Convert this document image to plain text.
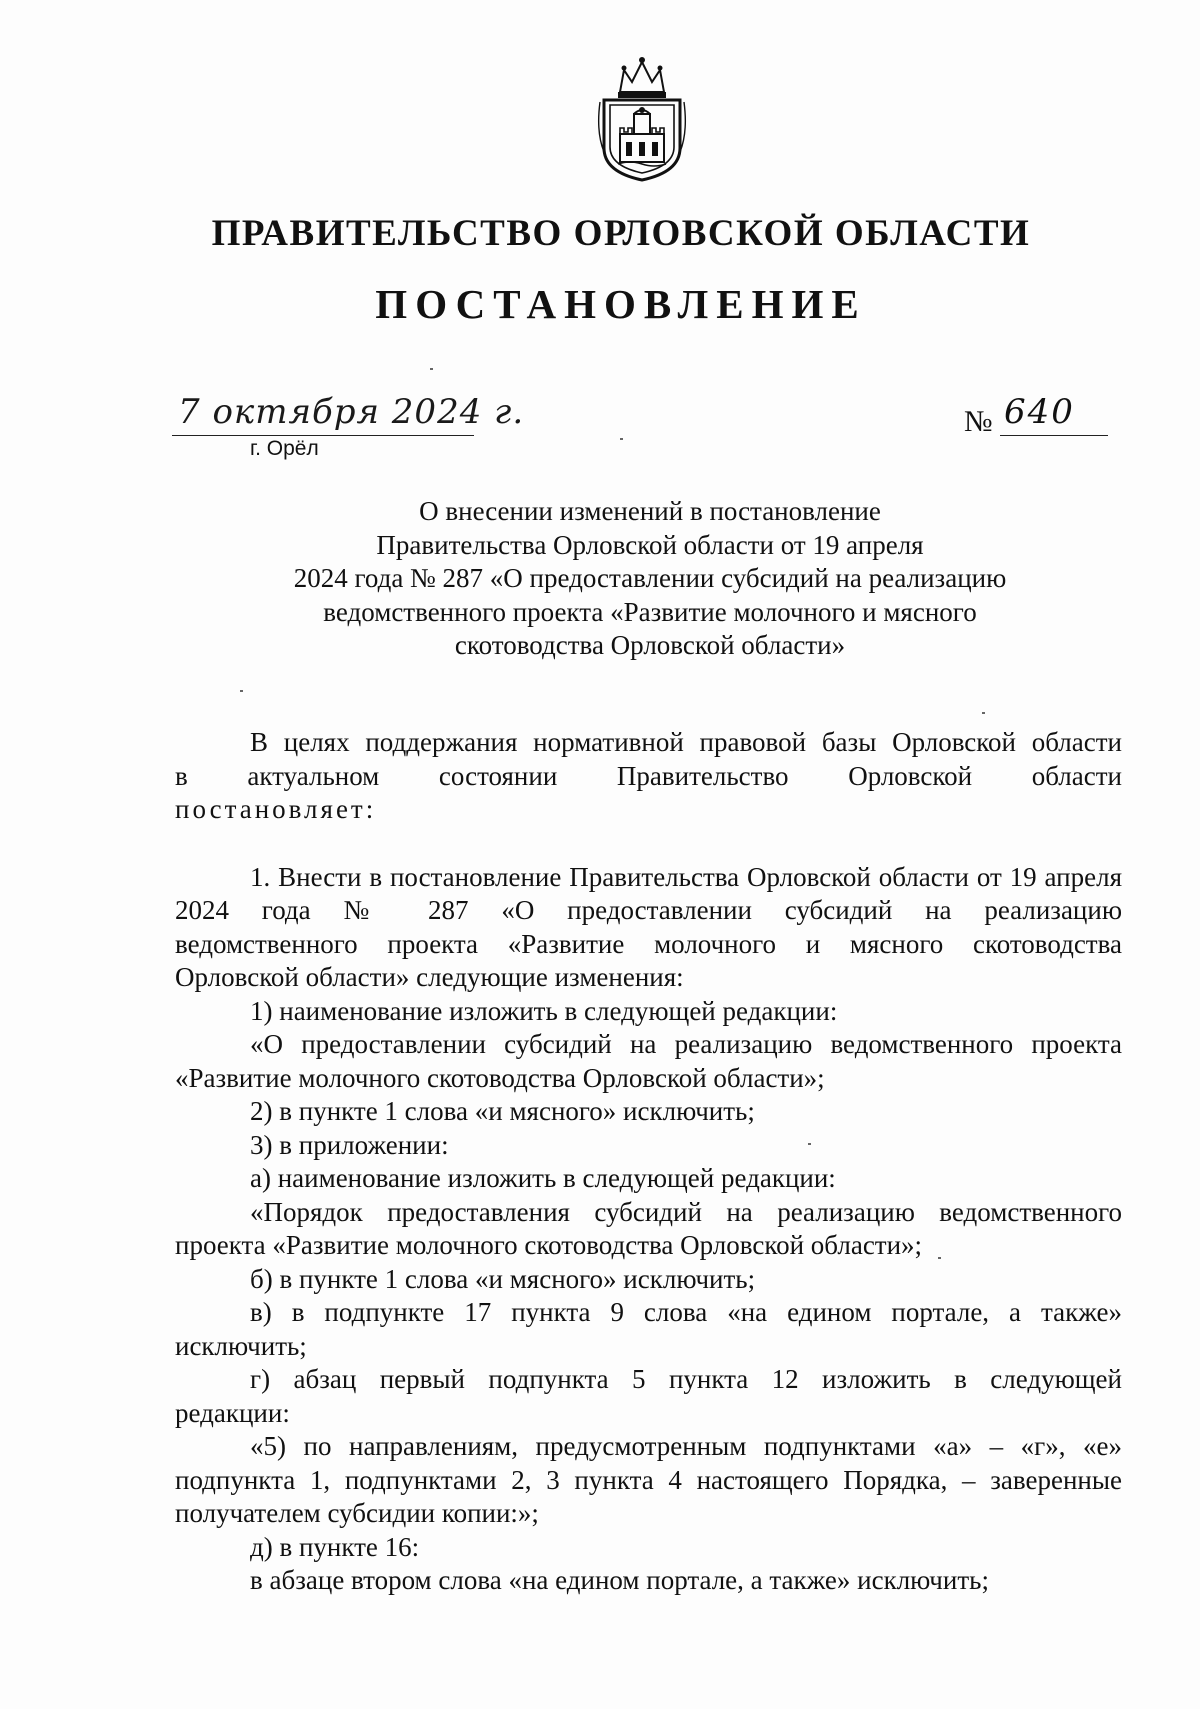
ПРАВИТЕЛЬСТВО ОРЛОВСКОЙ ОБЛАСТИ
ПОСТАНОВЛЕНИЕ
7 октября 2024 г.
г. Орёл
№ 640
О внесении изменений в постановление
Правительства Орловской области от 19 апреля
2024 года № 287 «О предоставлении субсидий на реализацию
ведомственного проекта «Развитие молочного и мясного
скотоводства Орловской области»
В целях поддержания нормативной правовой базы Орловской области
в актуальном состоянии Правительство Орловской области
постановляет:
1. Внести в постановление Правительства Орловской области от 19 апреля
2024 года № 287 «О предоставлении субсидий на реализацию
ведомственного проекта «Развитие молочного и мясного скотоводства
Орловской области» следующие изменения:
1) наименование изложить в следующей редакции:
«О предоставлении субсидий на реализацию ведомственного проекта
«Развитие молочного скотоводства Орловской области»;
2) в пункте 1 слова «и мясного» исключить;
3) в приложении:
а) наименование изложить в следующей редакции:
«Порядок предоставления субсидий на реализацию ведомственного
проекта «Развитие молочного скотоводства Орловской области»;
б) в пункте 1 слова «и мясного» исключить;
в) в подпункте 17 пункта 9 слова «на едином портале, а также»
исключить;
г) абзац первый подпункта 5 пункта 12 изложить в следующей
редакции:
«5) по направлениям, предусмотренным подпунктами «а» – «г», «е»
подпункта 1, подпунктами 2, 3 пункта 4 настоящего Порядка, – заверенные
получателем субсидии копии:»;
д) в пункте 16:
в абзаце втором слова «на едином портале, а также» исключить;
